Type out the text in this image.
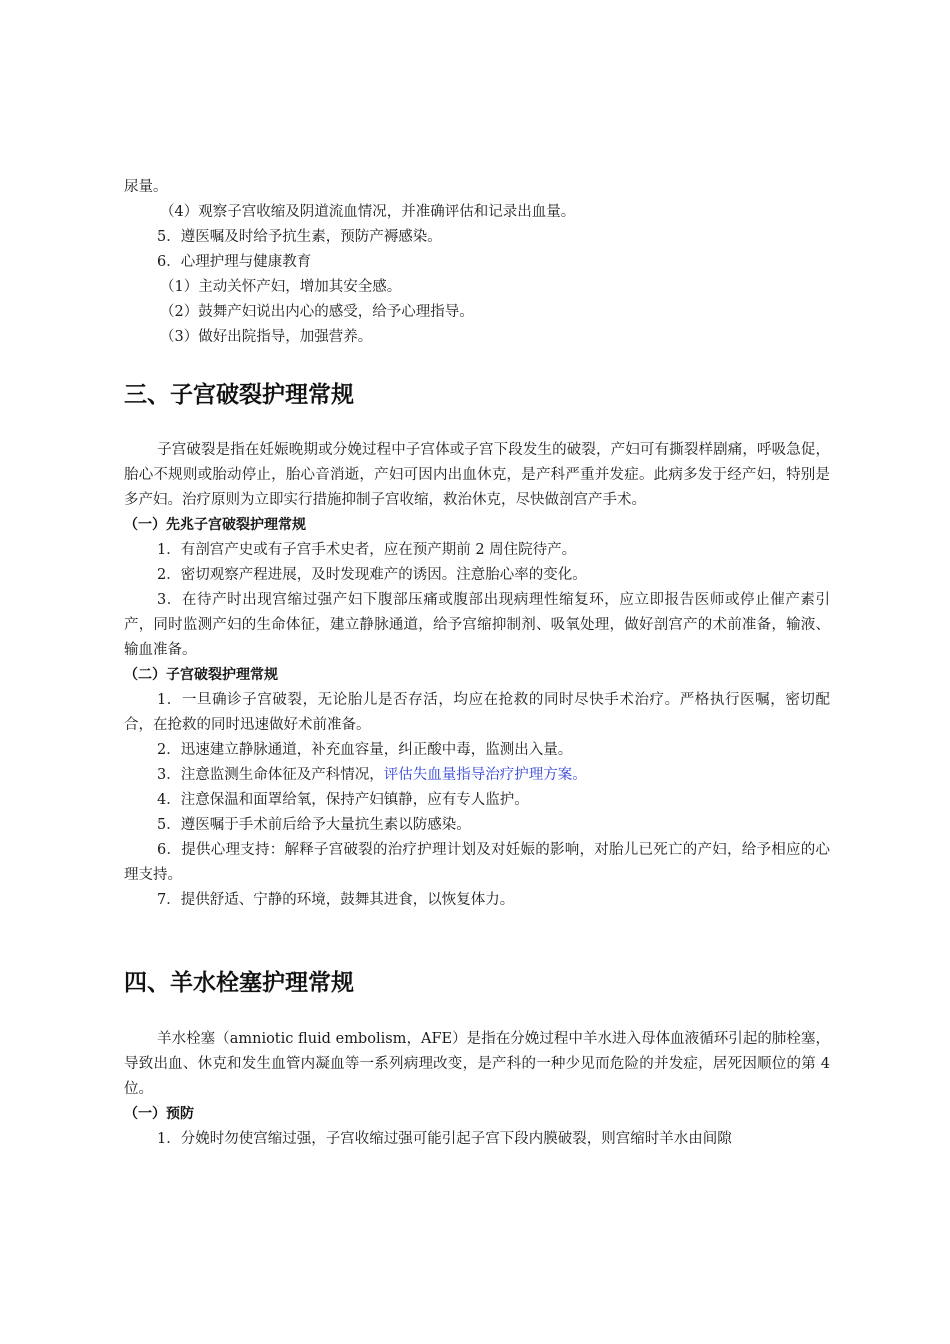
尿量。
（4）观察子宫收缩及阴道流血情况，并准确评估和记录出血量。
5．遵医嘱及时给予抗生素，预防产褥感染。
6．心理护理与健康教育
（1）主动关怀产妇，增加其安全感。
（2）鼓舞产妇说出内心的感受，给予心理指导。
（3）做好出院指导，加强营养。
三、子宫破裂护理常规
子宫破裂是指在妊娠晚期或分娩过程中子宫体或子宫下段发生的破裂，产妇可有撕裂样剧痛，呼吸急促，胎心不规则或胎动停止，胎心音消逝，产妇可因内出血休克，是产科严重并发症。此病多发于经产妇，特别是多产妇。治疗原则为立即实行措施抑制子宫收缩，救治休克，尽快做剖宫产手术。
（一）先兆子宫破裂护理常规
1．有剖宫产史或有子宫手术史者，应在预产期前 2 周住院待产。
2．密切观察产程进展，及时发现难产的诱因。注意胎心率的变化。
3．在待产时出现宫缩过强产妇下腹部压痛或腹部出现病理性缩复环，应立即报告医师或停止催产素引产，同时监测产妇的生命体征，建立静脉通道，给予宫缩抑制剂、吸氧处理，做好剖宫产的术前准备，输液、输血准备。
（二）子宫破裂护理常规
1．一旦确诊子宫破裂，无论胎儿是否存活，均应在抢救的同时尽快手术治疗。严格执行医嘱，密切配合，在抢救的同时迅速做好术前准备。
2．迅速建立静脉通道，补充血容量，纠正酸中毒，监测出入量。
3．注意监测生命体征及产科情况，评估失血量指导治疗护理方案。
4．注意保温和面罩给氧，保持产妇镇静，应有专人监护。
5．遵医嘱于手术前后给予大量抗生素以防感染。
6．提供心理支持：解释子宫破裂的治疗护理计划及对妊娠的影响，对胎儿已死亡的产妇，给予相应的心理支持。
7．提供舒适、宁静的环境，鼓舞其进食，以恢复体力。
四、羊水栓塞护理常规
羊水栓塞（amniotic fluid embolism，AFE）是指在分娩过程中羊水进入母体血液循环引起的肺栓塞，导致出血、休克和发生血管内凝血等一系列病理改变，是产科的一种少见而危险的并发症，居死因顺位的第 4 位。
（一）预防
1．分娩时勿使宫缩过强，子宫收缩过强可能引起子宫下段内膜破裂，则宫缩时羊水由间隙
